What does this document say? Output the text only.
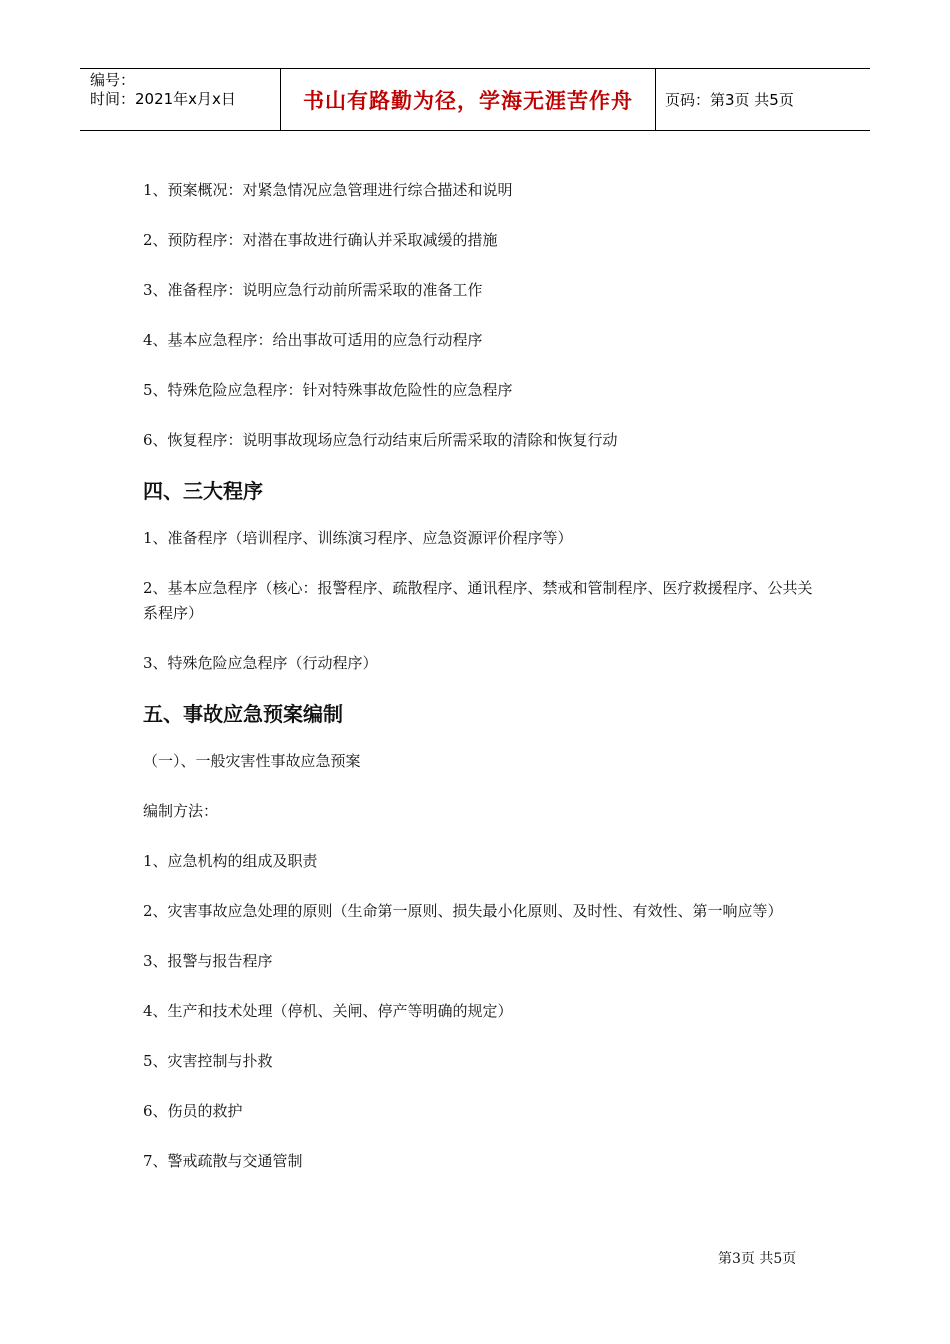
编号：
时间：2021年x月x日	书山有路勤为径，学海无涯苦作舟	页码：第3页 共5页
1、预案概况：对紧急情况应急管理进行综合描述和说明
2、预防程序：对潜在事故进行确认并采取减缓的措施
3、准备程序：说明应急行动前所需采取的准备工作
4、基本应急程序：给出事故可适用的应急行动程序
5、特殊危险应急程序：针对特殊事故危险性的应急程序
6、恢复程序：说明事故现场应急行动结束后所需采取的清除和恢复行动
四、三大程序
1、准备程序（培训程序、训练演习程序、应急资源评价程序等）
2、基本应急程序（核心：报警程序、疏散程序、通讯程序、禁戒和管制程序、医疗救援程序、公共关系程序）
3、特殊危险应急程序（行动程序）
五、事故应急预案编制
（一）、一般灾害性事故应急预案
编制方法：
1、应急机构的组成及职责
2、灾害事故应急处理的原则（生命第一原则、损失最小化原则、及时性、有效性、第一响应等）
3、报警与报告程序
4、生产和技术处理（停机、关闸、停产等明确的规定）
5、灾害控制与扑救
6、伤员的救护
7、警戒疏散与交通管制
第3页 共5页
